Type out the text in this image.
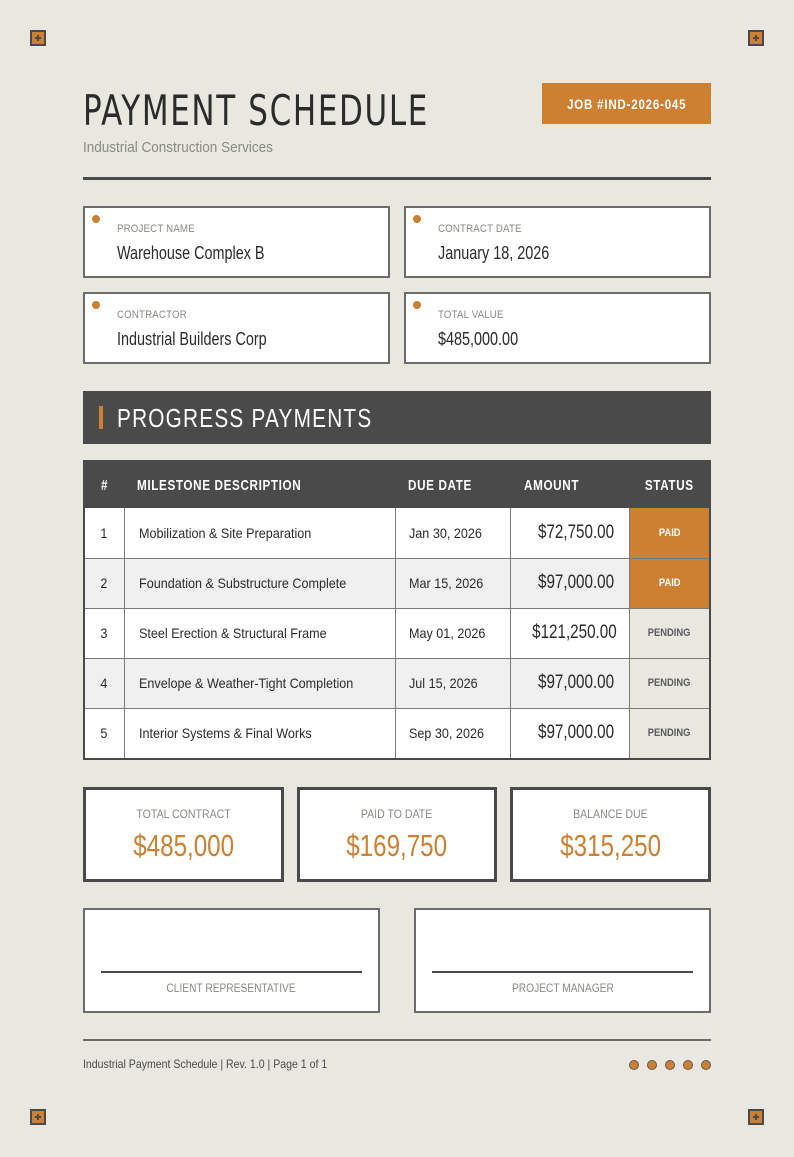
PAYMENT SCHEDULE
Industrial Construction Services
JOB #IND-2026-045
PROJECT NAME
Warehouse Complex B
CONTRACT DATE
January 18, 2026
CONTRACTOR
Industrial Builders Corp
TOTAL VALUE
$485,000.00
PROGRESS PAYMENTS
#	MILESTONE DESCRIPTION	DUE DATE	AMOUNT	STATUS
1	Mobilization & Site Preparation	Jan 30, 2026	$72,750.00	PAID
2	Foundation & Substructure Complete	Mar 15, 2026	$97,000.00	PAID
3	Steel Erection & Structural Frame	May 01, 2026	$121,250.00	PENDING
4	Envelope & Weather-Tight Completion	Jul 15, 2026	$97,000.00	PENDING
5	Interior Systems & Final Works	Sep 30, 2026	$97,000.00	PENDING
TOTAL CONTRACT
$485,000
PAID TO DATE
$169,750
BALANCE DUE
$315,250
CLIENT REPRESENTATIVE	PROJECT MANAGER
Industrial Payment Schedule | Rev. 1.0 | Page 1 of 1
